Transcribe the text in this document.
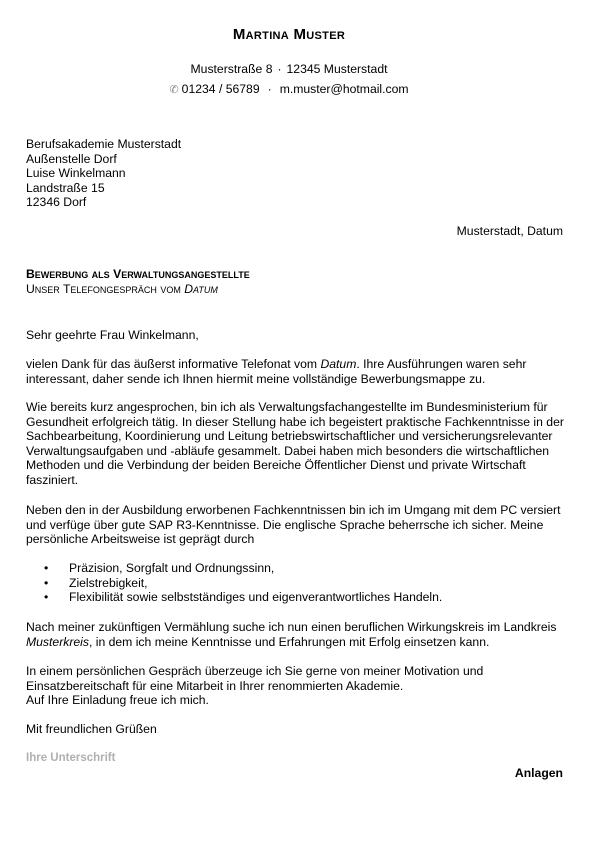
Martina Muster
Musterstraße 8 · 12345 Musterstadt
✆ 01234 / 56789 · m.muster@hotmail.com
Berufsakademie Musterstadt
Außenstelle Dorf
Luise Winkelmann
Landstraße 15
12346 Dorf
Musterstadt, Datum
Bewerbung als Verwaltungsangestellte
Unser Telefongespräch vom Datum
Sehr geehrte Frau Winkelmann,
vielen Dank für das äußerst informative Telefonat vom Datum. Ihre Ausführungen waren sehr interessant, daher sende ich Ihnen hiermit meine vollständige Bewerbungsmappe zu.
Wie bereits kurz angesprochen, bin ich als Verwaltungsfachangestellte im Bundesministerium für Gesundheit erfolgreich tätig. In dieser Stellung habe ich begeistert praktische Fachkenntnisse in der Sachbearbeitung, Koordinierung und Leitung betriebswirtschaftlicher und versicherungsrelevanter Verwaltungsaufgaben und -abläufe gesammelt. Dabei haben mich besonders die wirtschaftlichen Methoden und die Verbindung der beiden Bereiche Öffentlicher Dienst und private Wirtschaft fasziniert.
Neben den in der Ausbildung erworbenen Fachkenntnissen bin ich im Umgang mit dem PC versiert und verfüge über gute SAP R3-Kenntnisse. Die englische Sprache beherrsche ich sicher. Meine persönliche Arbeitsweise ist geprägt durch
• Präzision, Sorgfalt und Ordnungssinn,
• Zielstrebigkeit,
• Flexibilität sowie selbstständiges und eigenverantwortliches Handeln.
Nach meiner zukünftigen Vermählung suche ich nun einen beruflichen Wirkungskreis im Landkreis Musterkreis, in dem ich meine Kenntnisse und Erfahrungen mit Erfolg einsetzen kann.
In einem persönlichen Gespräch überzeuge ich Sie gerne von meiner Motivation und Einsatzbereitschaft für eine Mitarbeit in Ihrer renommierten Akademie.
Auf Ihre Einladung freue ich mich.
Mit freundlichen Grüßen
Ihre Unterschrift
Anlagen
